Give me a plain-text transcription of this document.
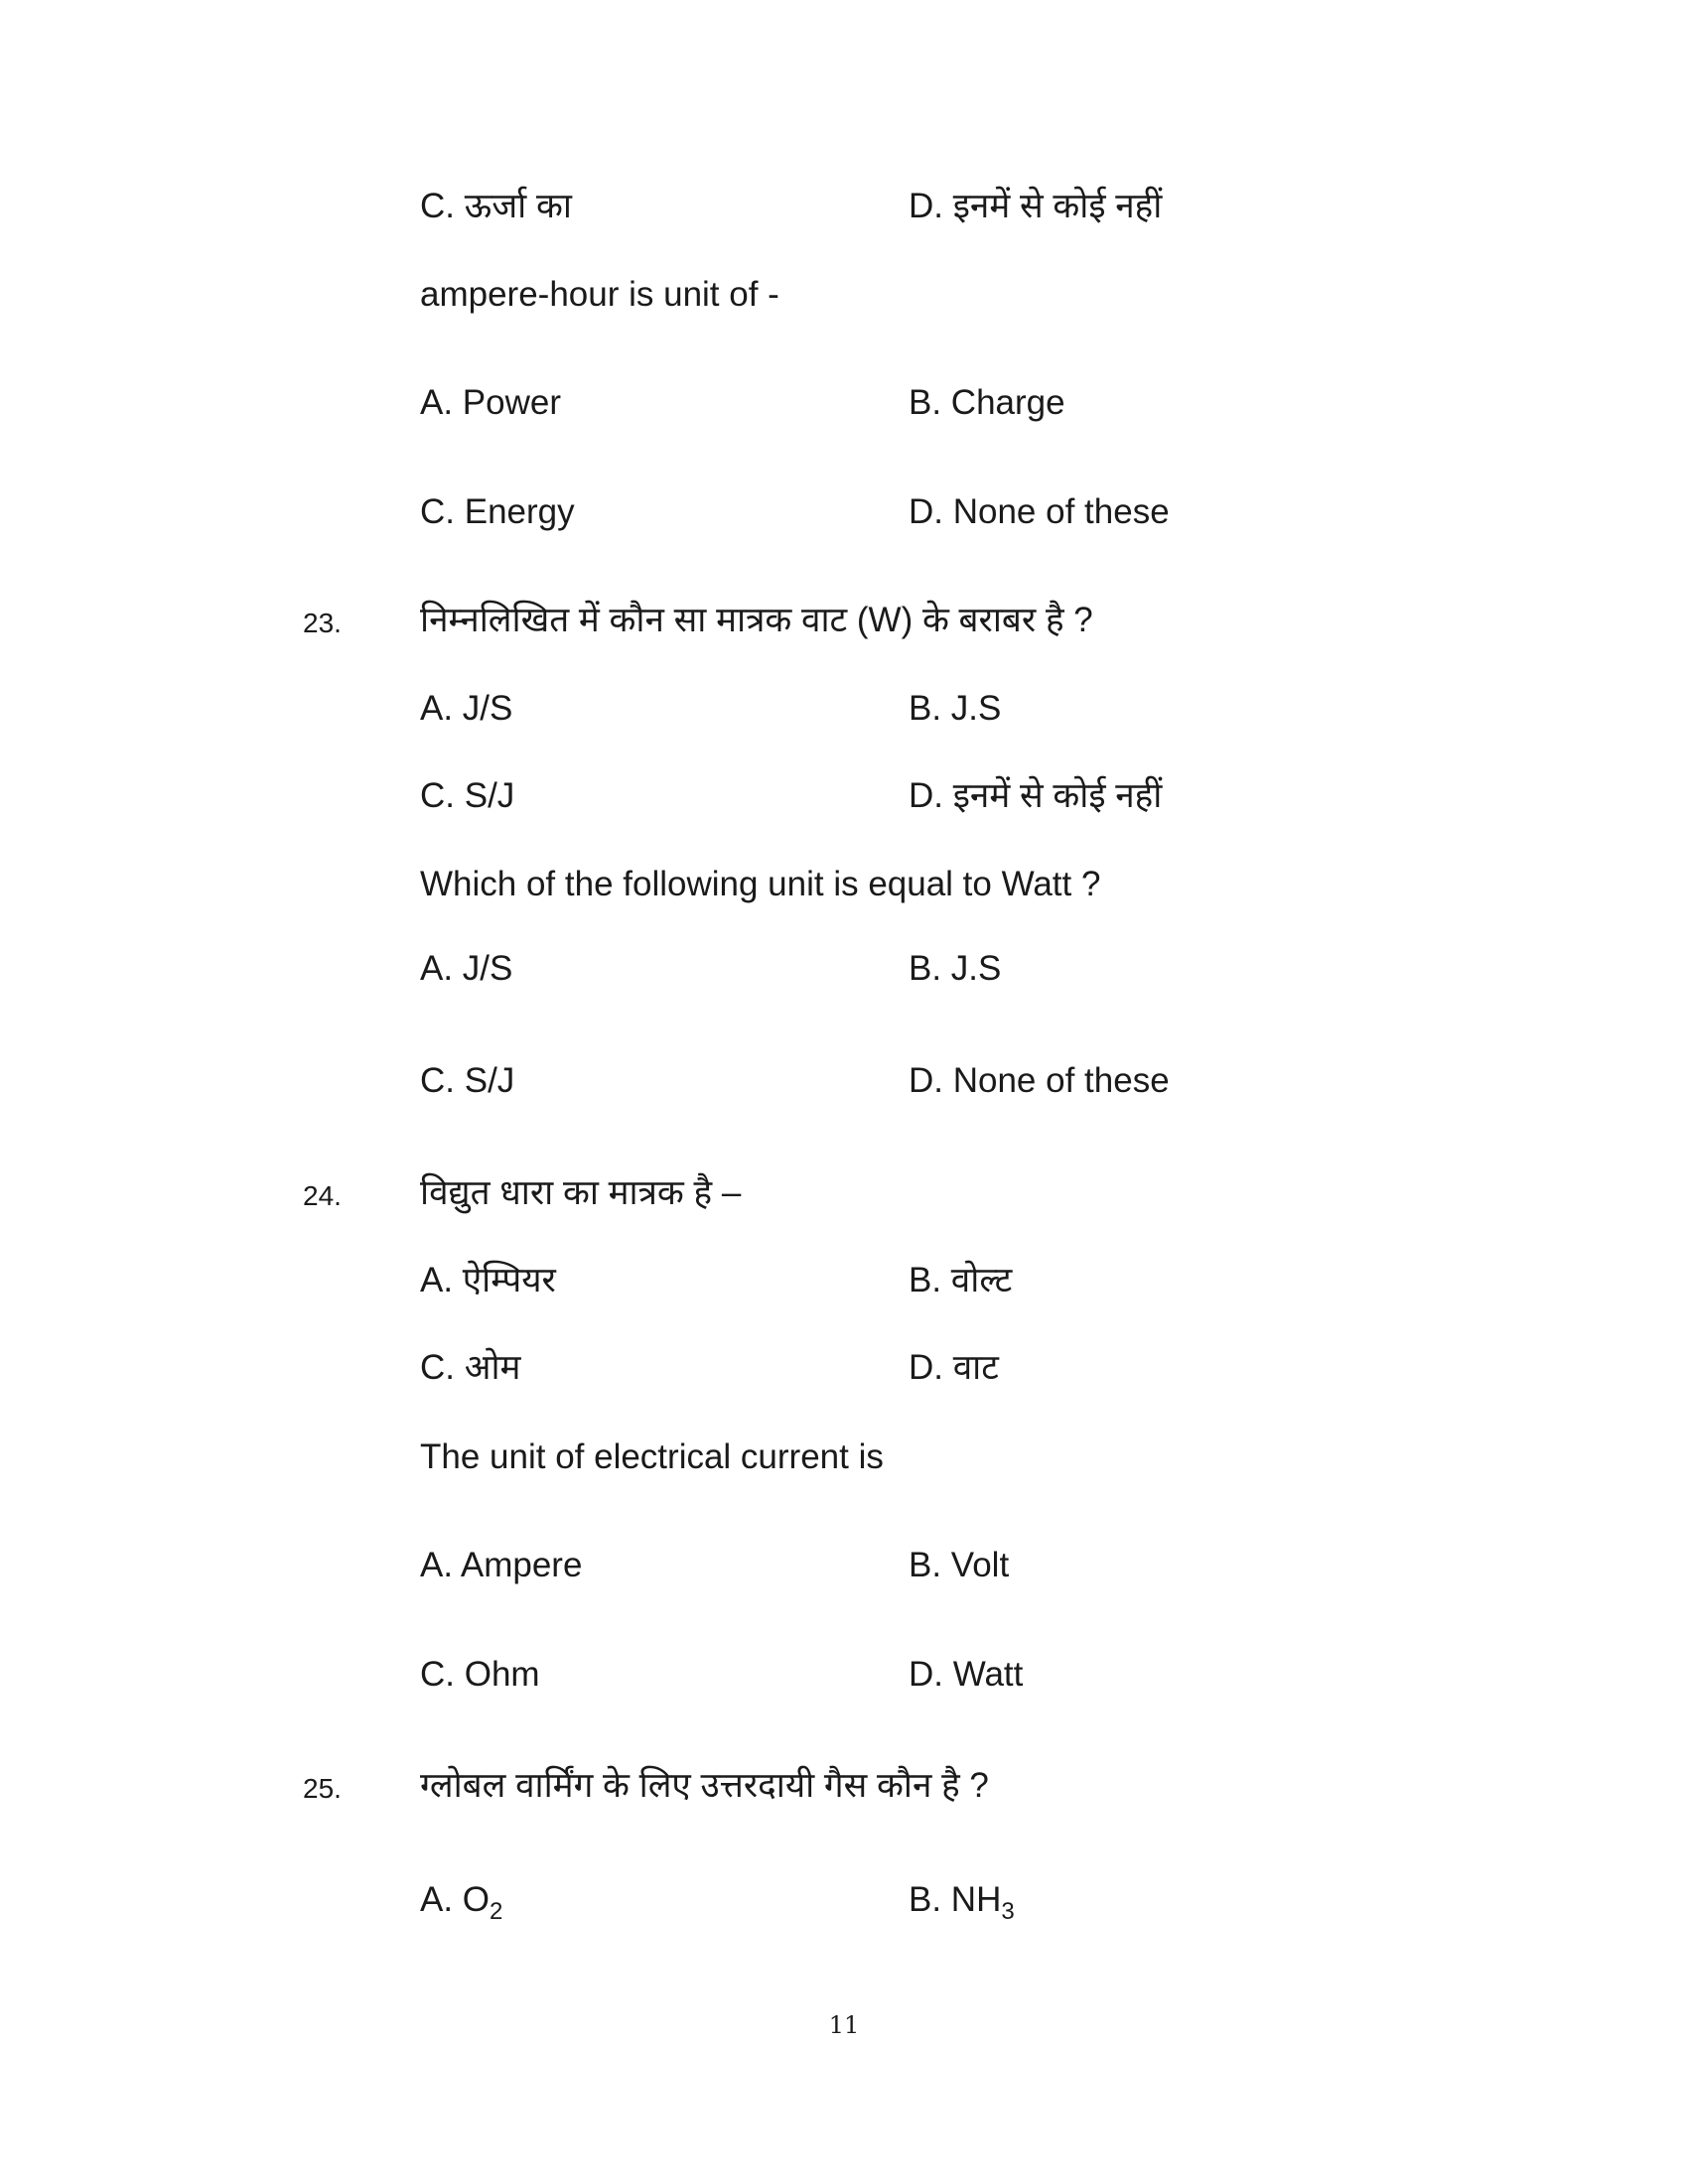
C. ऊर्जा का	D. इनमें से कोई नहीं
ampere-hour is unit of -
A. Power	B. Charge
C. Energy	D. None of these
23. निम्नलिखित में कौन सा मात्रक वाट (W) के बराबर है ?
A. J/S	B. J.S
C. S/J	D. इनमें से कोई नहीं
Which of the following unit is equal to Watt ?
A. J/S	B. J.S
C. S/J	D. None of these
24. विद्युत धारा का मात्रक है –
A. ऐम्पियर	B. वोल्ट
C. ओम	D. वाट
The unit of electrical current is
A. Ampere	B. Volt
C. Ohm	D. Watt
25. ग्लोबल वार्मिंग के लिए उत्तरदायी गैस कौन है ?
A. $O_2$	B. $NH_3$
11
